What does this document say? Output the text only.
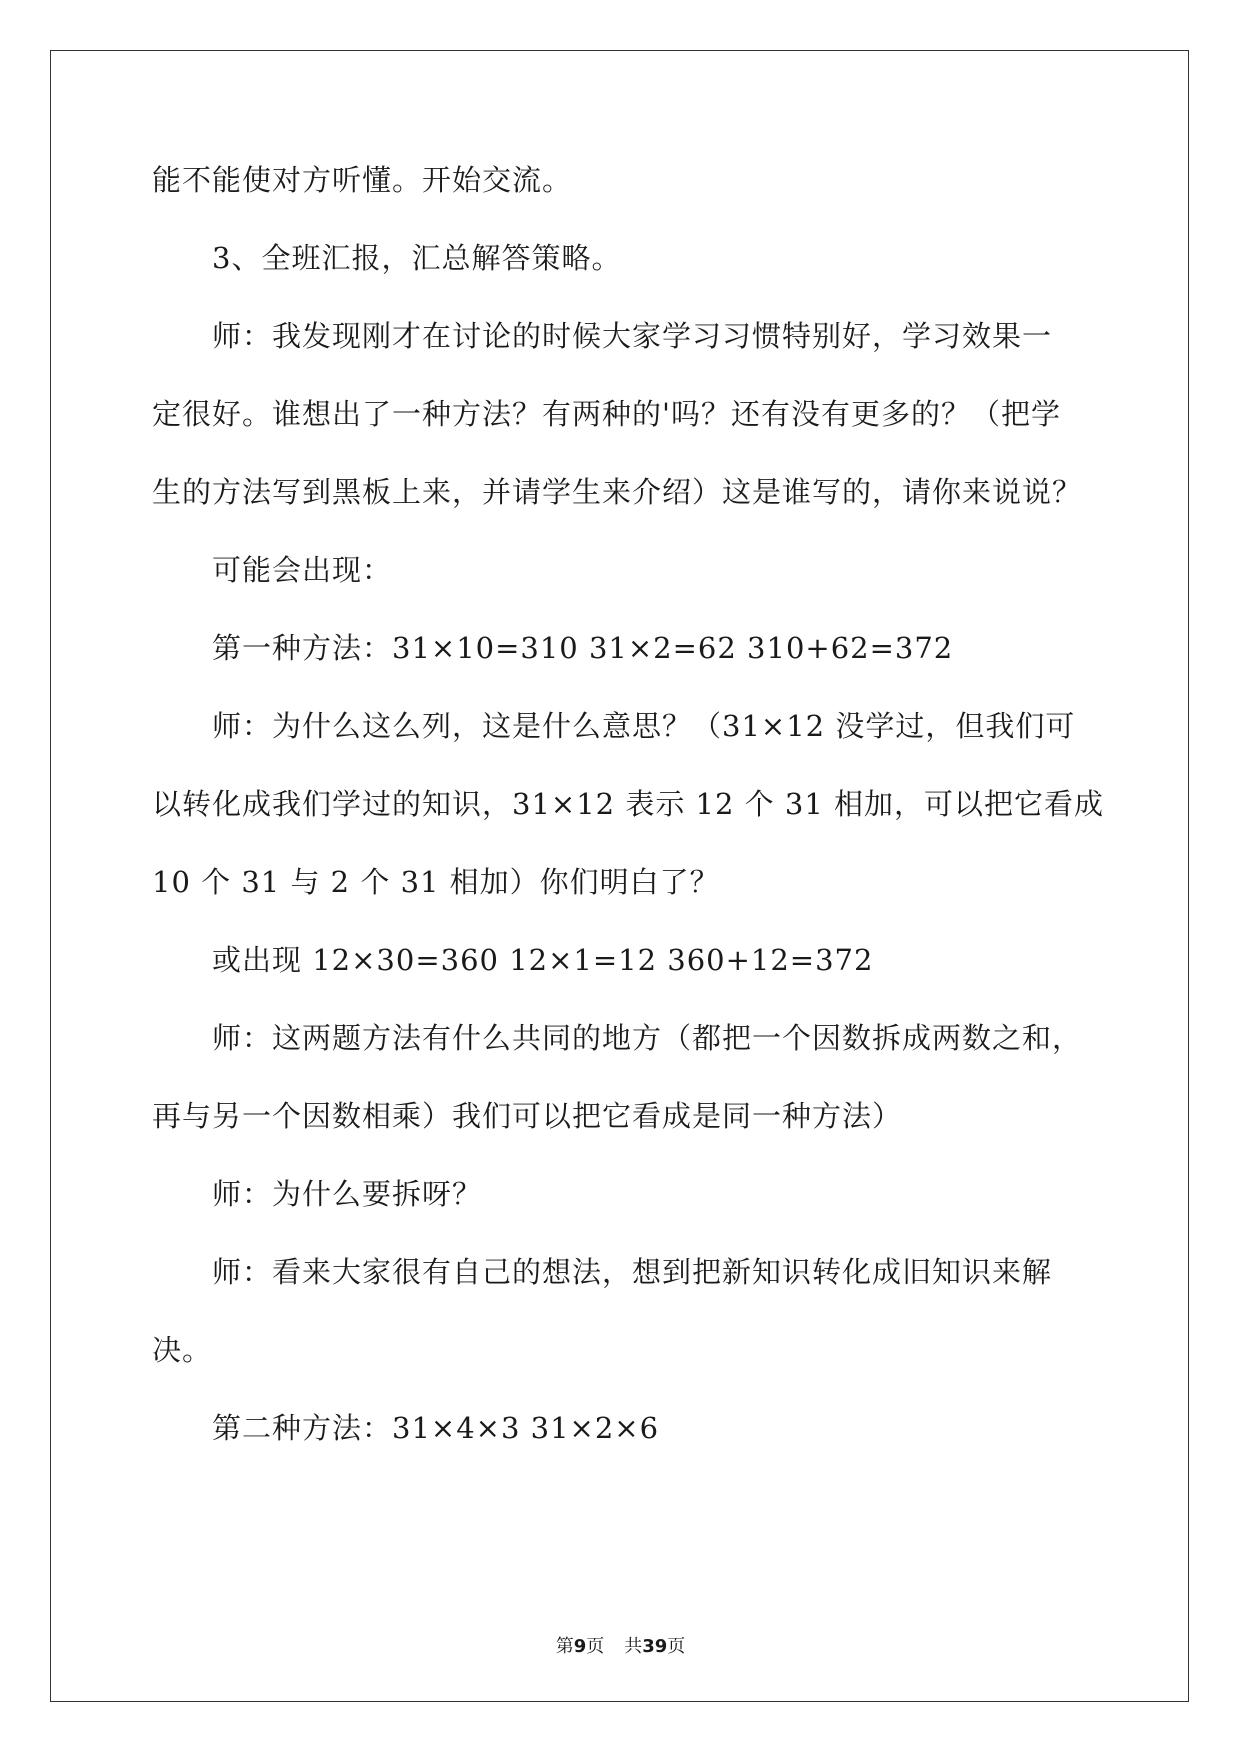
能不能使对方听懂。开始交流。
3、全班汇报，汇总解答策略。
师：我发现刚才在讨论的时候大家学习习惯特别好，学习效果一
定很好。谁想出了一种方法？有两种的'吗？还有没有更多的？（把学
生的方法写到黑板上来，并请学生来介绍）这是谁写的，请你来说说？
可能会出现：
第一种方法：31×10=310 31×2=62 310+62=372
师：为什么这么列，这是什么意思？（31×12 没学过，但我们可
以转化成我们学过的知识，31×12 表示 12 个 31 相加，可以把它看成
10 个 31 与 2 个 31 相加）你们明白了？
或出现 12×30=360 12×1=12 360+12=372
师：这两题方法有什么共同的地方（都把一个因数拆成两数之和，
再与另一个因数相乘）我们可以把它看成是同一种方法）
师：为什么要拆呀？
师：看来大家很有自己的想法，想到把新知识转化成旧知识来解
决。
第二种方法：31×4×3 31×2×6
第9页 共39页
